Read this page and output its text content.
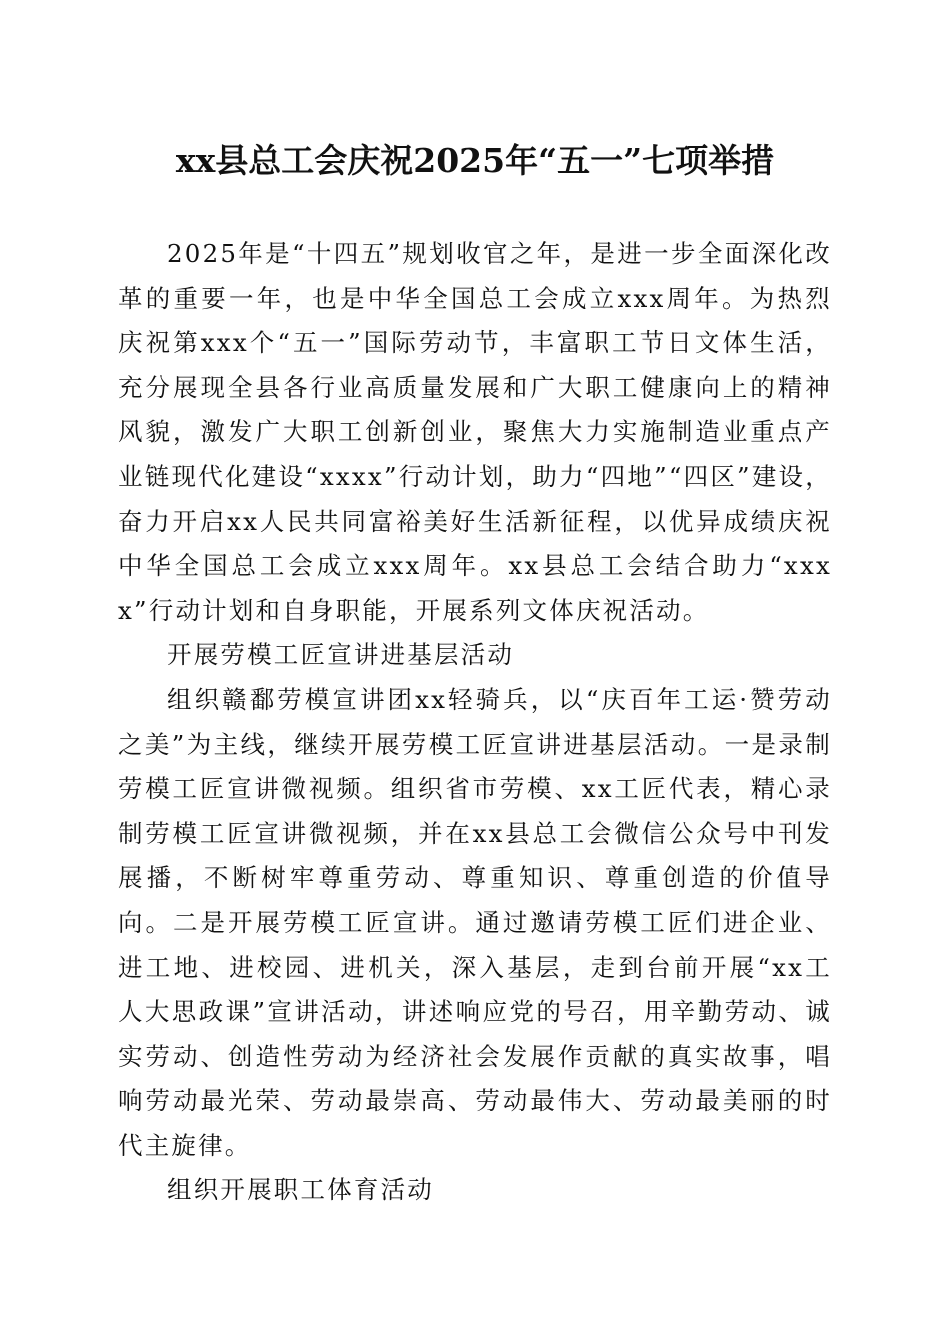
xx县总工会庆祝2025年“五一”七项举措

2025年是“十四五”规划收官之年，是进一步全面深化改革的重要一年，也是中华全国总工会成立xxx周年。为热烈庆祝第xxx个“五一”国际劳动节，丰富职工节日文体生活，充分展现全县各行业高质量发展和广大职工健康向上的精神风貌，激发广大职工创新创业，聚焦大力实施制造业重点产业链现代化建设“xxxx”行动计划，助力“四地”“四区”建设，奋力开启xx人民共同富裕美好生活新征程，以优异成绩庆祝中华全国总工会成立xxx周年。xx县总工会结合助力“xxxx”行动计划和自身职能，开展系列文体庆祝活动。

开展劳模工匠宣讲进基层活动

组织赣鄱劳模宣讲团xx轻骑兵，以“庆百年工运·赞劳动之美”为主线，继续开展劳模工匠宣讲进基层活动。一是录制劳模工匠宣讲微视频。组织省市劳模、xx工匠代表，精心录制劳模工匠宣讲微视频，并在xx县总工会微信公众号中刊发展播，不断树牢尊重劳动、尊重知识、尊重创造的价值导向。二是开展劳模工匠宣讲。通过邀请劳模工匠们进企业、进工地、进校园、进机关，深入基层，走到台前开展“xx工人大思政课”宣讲活动，讲述响应党的号召，用辛勤劳动、诚实劳动、创造性劳动为经济社会发展作贡献的真实故事，唱响劳动最光荣、劳动最崇高、劳动最伟大、劳动最美丽的时代主旋律。

组织开展职工体育活动
